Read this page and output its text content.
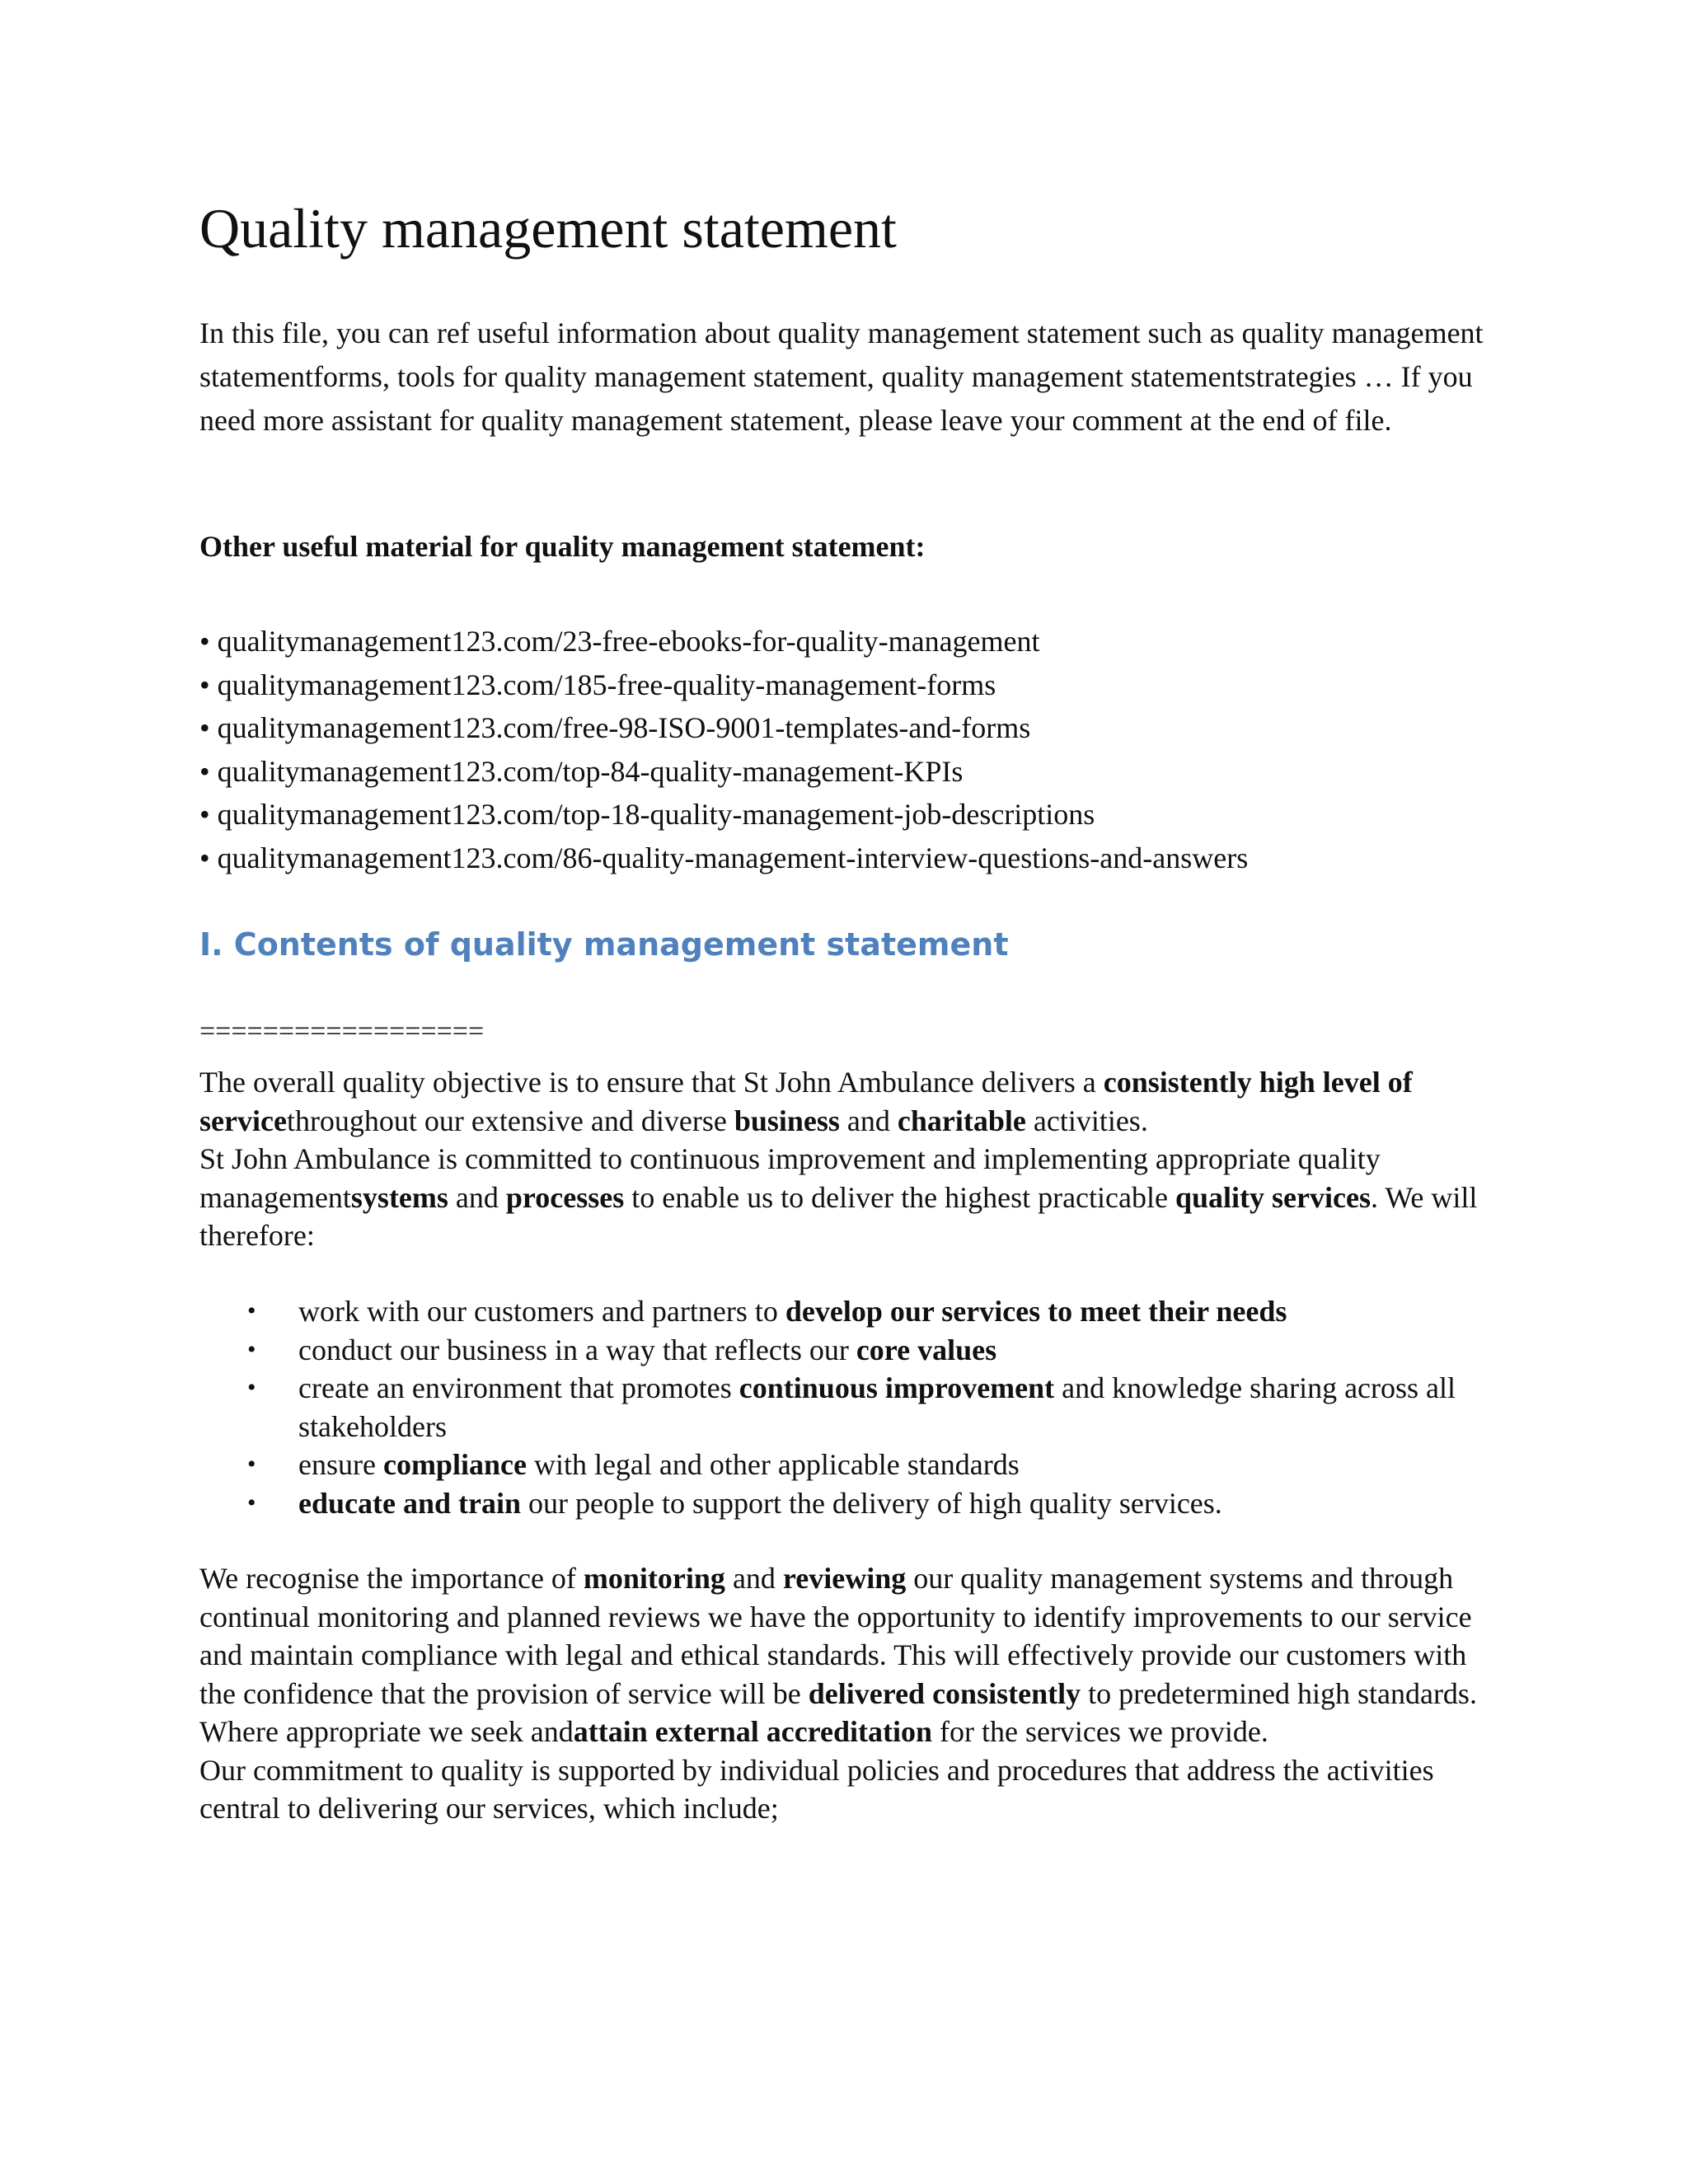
Quality management statement

In this file, you can ref useful information about quality management statement such as quality management statementforms, tools for quality management statement, quality management statementstrategies … If you need more assistant for quality management statement, please leave your comment at the end of file.

Other useful material for quality management statement:

• qualitymanagement123.com/23-free-ebooks-for-quality-management
• qualitymanagement123.com/185-free-quality-management-forms
• qualitymanagement123.com/free-98-ISO-9001-templates-and-forms
• qualitymanagement123.com/top-84-quality-management-KPIs
• qualitymanagement123.com/top-18-quality-management-job-descriptions
• qualitymanagement123.com/86-quality-management-interview-questions-and-answers
I. Contents of quality management statement
==================

The overall quality objective is to ensure that St John Ambulance delivers a consistently high level of servicethroughout our extensive and diverse business and charitable activities.
St John Ambulance is committed to continuous improvement and implementing appropriate quality managementsystems and processes to enable us to deliver the highest practicable quality services. We will therefore:

• work with our customers and partners to develop our services to meet their needs
• conduct our business in a way that reflects our core values
• create an environment that promotes continuous improvement and knowledge sharing across all stakeholders
• ensure compliance with legal and other applicable standards
• educate and train our people to support the delivery of high quality services.

We recognise the importance of monitoring and reviewing our quality management systems and through continual monitoring and planned reviews we have the opportunity to identify improvements to our service and maintain compliance with legal and ethical standards. This will effectively provide our customers with the confidence that the provision of service will be delivered consistently to predetermined high standards. Where appropriate we seek andattain external accreditation for the services we provide.
Our commitment to quality is supported by individual policies and procedures that address the activities central to delivering our services, which include;
